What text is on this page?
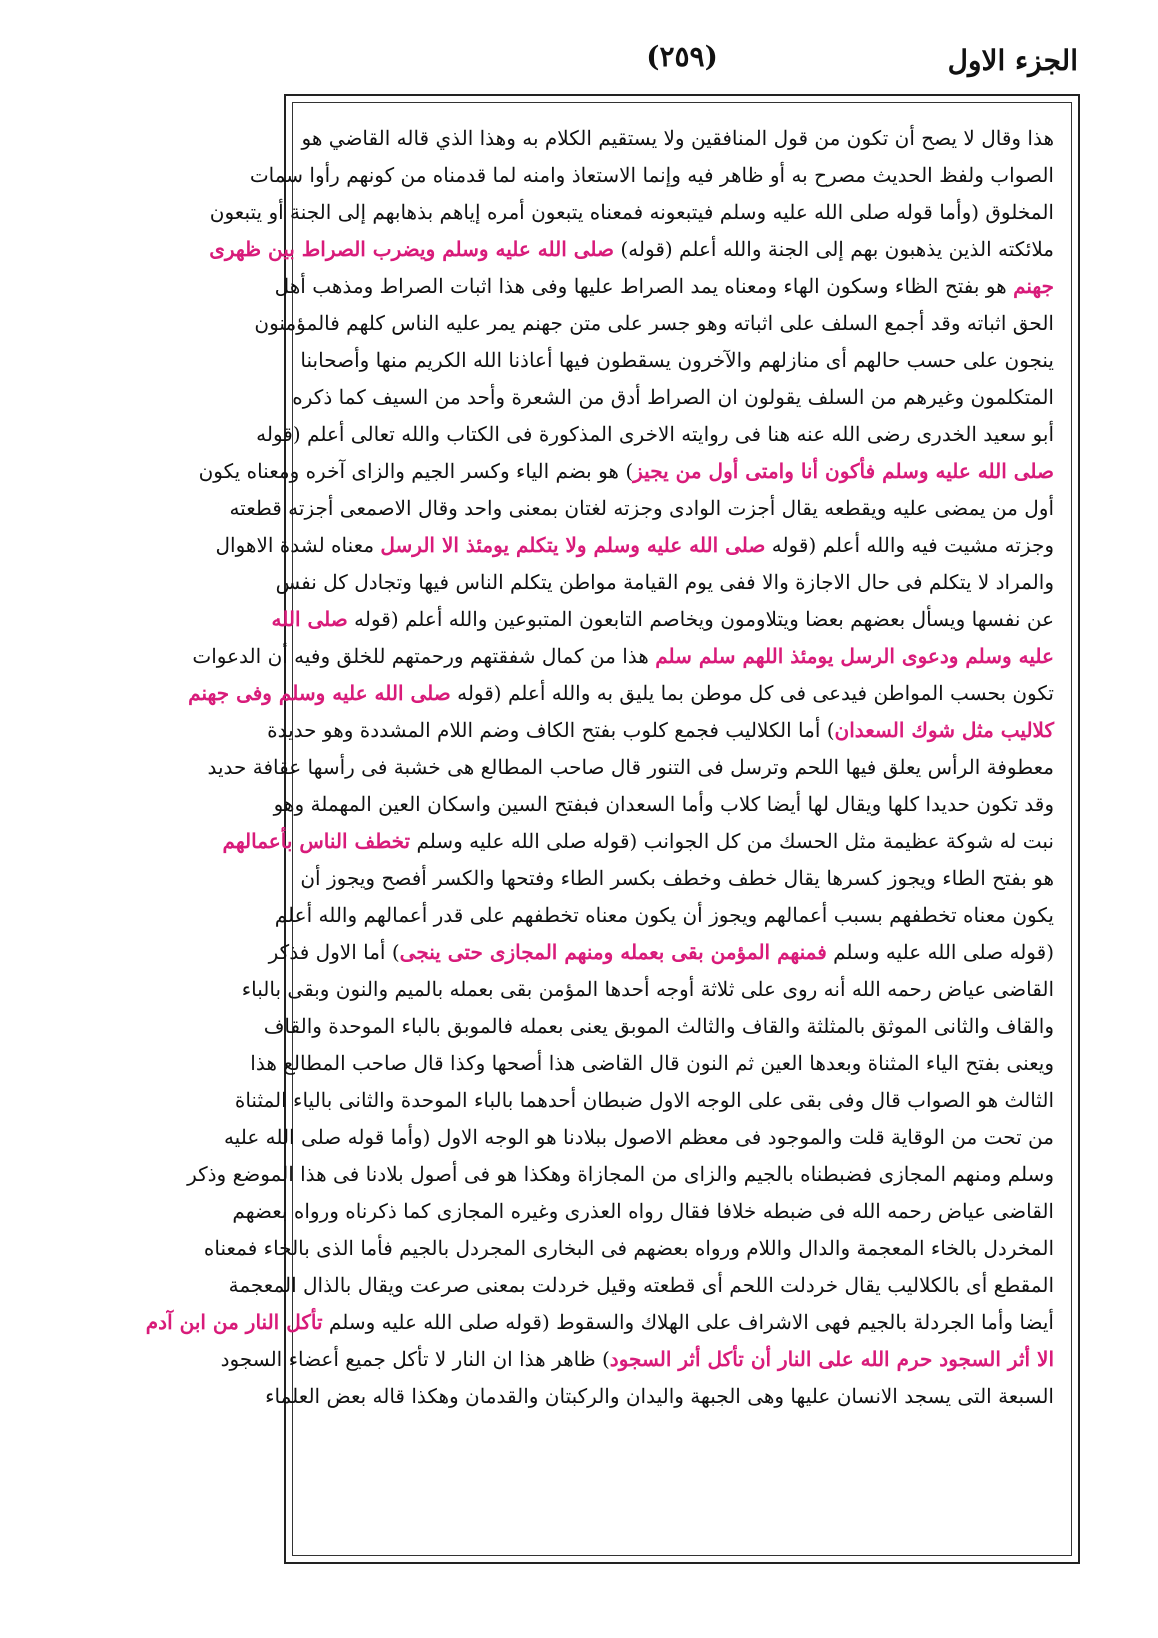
الجزء الاول
(٢٥٩)
هذا وقال لا يصح أن تكون من قول المنافقين ولا يستقيم الكلام به وهذا الذي قاله القاضي هو
الصواب ولفظ الحديث مصرح به أو ظاهر فيه وإنما الاستعاذ وامنه لما قدمناه من كونهم رأوا سمات
المخلوق (وأما قوله صلى الله عليه وسلم فيتبعونه فمعناه يتبعون أمره إياهم بذهابهم إلى الجنة أو يتبعون
ملائكته الذين يذهبون بهم إلى الجنة والله أعلم (قوله) صلى الله عليه وسلم ويضرب الصراط بين ظهرى
جهنم هو بفتح الظاء وسكون الهاء ومعناه يمد الصراط عليها وفى هذا اثبات الصراط ومذهب أهل
الحق اثباته وقد أجمع السلف على اثباته وهو جسر على متن جهنم يمر عليه الناس كلهم فالمؤمنون
ينجون على حسب حالهم أى منازلهم والآخرون يسقطون فيها أعاذنا الله الكريم منها وأصحابنا
المتكلمون وغيرهم من السلف يقولون ان الصراط أدق من الشعرة وأحد من السيف كما ذكره
أبو سعيد الخدرى رضى الله عنه هنا فى روايته الاخرى المذكورة فى الكتاب والله تعالى أعلم (قوله
صلى الله عليه وسلم فأكون أنا وامتى أول من يجيز) هو بضم الياء وكسر الجيم والزاى آخره ومعناه يكون
أول من يمضى عليه ويقطعه يقال أجزت الوادى وجزته لغتان بمعنى واحد وقال الاصمعى أجزته قطعته
وجزته مشيت فيه والله أعلم (قوله صلى الله عليه وسلم ولا يتكلم يومئذ الا الرسل معناه لشدة الاهوال
والمراد لا يتكلم فى حال الاجازة والا ففى يوم القيامة مواطن يتكلم الناس فيها وتجادل كل نفس
عن نفسها ويسأل بعضهم بعضا ويتلاومون ويخاصم التابعون المتبوعين والله أعلم (قوله صلى الله
عليه وسلم ودعوى الرسل يومئذ اللهم سلم سلم هذا من كمال شفقتهم ورحمتهم للخلق وفيه أن الدعوات
تكون بحسب المواطن فيدعى فى كل موطن بما يليق به والله أعلم (قوله صلى الله عليه وسلم وفى جهنم
كلاليب مثل شوك السعدان) أما الكلاليب فجمع كلوب بفتح الكاف وضم اللام المشددة وهو حديدة
معطوفة الرأس يعلق فيها اللحم وترسل فى التنور قال صاحب المطالع هى خشبة فى رأسها عقافة حديد
وقد تكون حديدا كلها ويقال لها أيضا كلاب وأما السعدان فبفتح السين واسكان العين المهملة وهو
نبت له شوكة عظيمة مثل الحسك من كل الجوانب (قوله صلى الله عليه وسلم تخطف الناس بأعمالهم
هو بفتح الطاء ويجوز كسرها يقال خطف وخطف بكسر الطاء وفتحها والكسر أفصح ويجوز أن
يكون معناه تخطفهم بسبب أعمالهم ويجوز أن يكون معناه تخطفهم على قدر أعمالهم والله أعلم
(قوله صلى الله عليه وسلم فمنهم المؤمن بقى بعمله ومنهم المجازى حتى ينجى) أما الاول فذكر
القاضى عياض رحمه الله أنه روى على ثلاثة أوجه أحدها المؤمن بقى بعمله بالميم والنون وبقى بالباء
والقاف والثانى الموثق بالمثلثة والقاف والثالث الموبق يعنى بعمله فالموبق بالباء الموحدة والقاف
ويعنى بفتح الياء المثناة وبعدها العين ثم النون قال القاضى هذا أصحها وكذا قال صاحب المطالع هذا
الثالث هو الصواب قال وفى بقى على الوجه الاول ضبطان أحدهما بالباء الموحدة والثانى بالياء المثناة
من تحت من الوقاية قلت والموجود فى معظم الاصول ببلادنا هو الوجه الاول (وأما قوله صلى الله عليه
وسلم ومنهم المجازى فضبطناه بالجيم والزاى من المجازاة وهكذا هو فى أصول بلادنا فى هذا الموضع وذكر
القاضى عياض رحمه الله فى ضبطه خلافا فقال رواه العذرى وغيره المجازى كما ذكرناه ورواه بعضهم
المخردل بالخاء المعجمة والدال واللام ورواه بعضهم فى البخارى المجردل بالجيم فأما الذى بالخاء فمعناه
المقطع أى بالكلاليب يقال خردلت اللحم أى قطعته وقيل خردلت بمعنى صرعت ويقال بالذال المعجمة
أيضا وأما الجردلة بالجيم فهى الاشراف على الهلاك والسقوط (قوله صلى الله عليه وسلم تأكل النار من ابن آدم
الا أثر السجود حرم الله على النار أن تأكل أثر السجود) ظاهر هذا ان النار لا تأكل جميع أعضاء السجود
السبعة التى يسجد الانسان عليها وهى الجبهة واليدان والركبتان والقدمان وهكذا قاله بعض العلماء
